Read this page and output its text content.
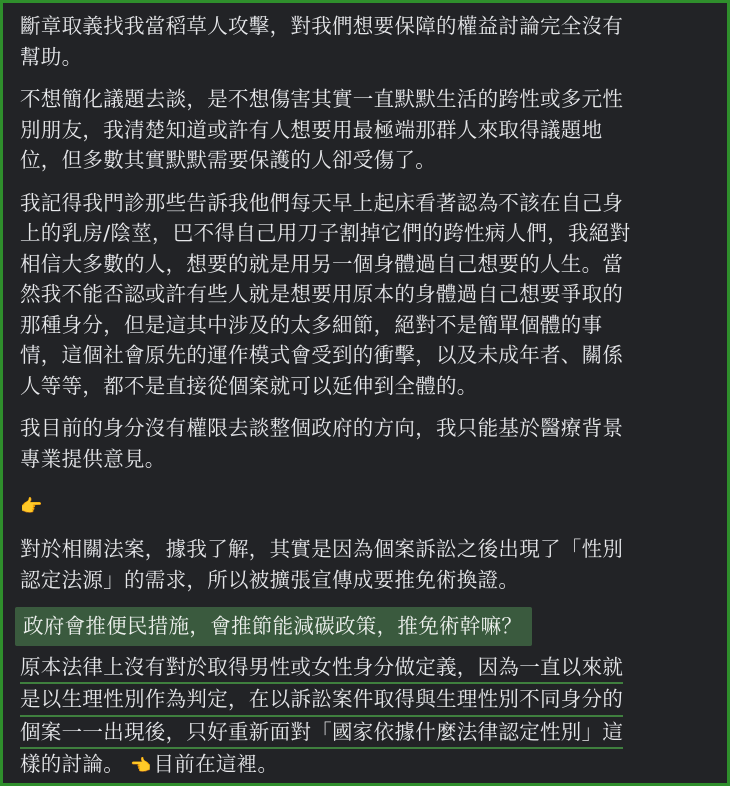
斷章取義找我當稻草人攻擊，對我們想要保障的權益討論完全沒有
幫助。

不想簡化議題去談，是不想傷害其實一直默默生活的跨性或多元性
別朋友，我清楚知道或許有人想要用最極端那群人來取得議題地
位，但多數其實默默需要保護的人卻受傷了。

我記得我門診那些告訴我他們每天早上起床看著認為不該在自己身
上的乳房/陰莖，巴不得自己用刀子割掉它們的跨性病人們，我絕對
相信大多數的人，想要的就是用另一個身體過自己想要的人生。當
然我不能否認或許有些人就是想要用原本的身體過自己想要爭取的
那種身分，但是這其中涉及的太多細節，絕對不是簡單個體的事
情，這個社會原先的運作模式會受到的衝擊，以及未成年者、關係
人等等，都不是直接從個案就可以延伸到全體的。

我目前的身分沒有權限去談整個政府的方向，我只能基於醫療背景
專業提供意見。

👉

對於相關法案，據我了解，其實是因為個案訴訟之後出現了「性別
認定法源」的需求，所以被擴張宣傳成要推免術換證。

政府會推便民措施，會推節能減碳政策，推免術幹嘛？
原本法律上沒有對於取得男性或女性身分做定義，因為一直以來就
是以生理性別作為判定，在以訴訟案件取得與生理性別不同身分的
個案一一出現後，只好重新面對「國家依據什麼法律認定性別」這
樣的討論。 👈目前在這裡。
